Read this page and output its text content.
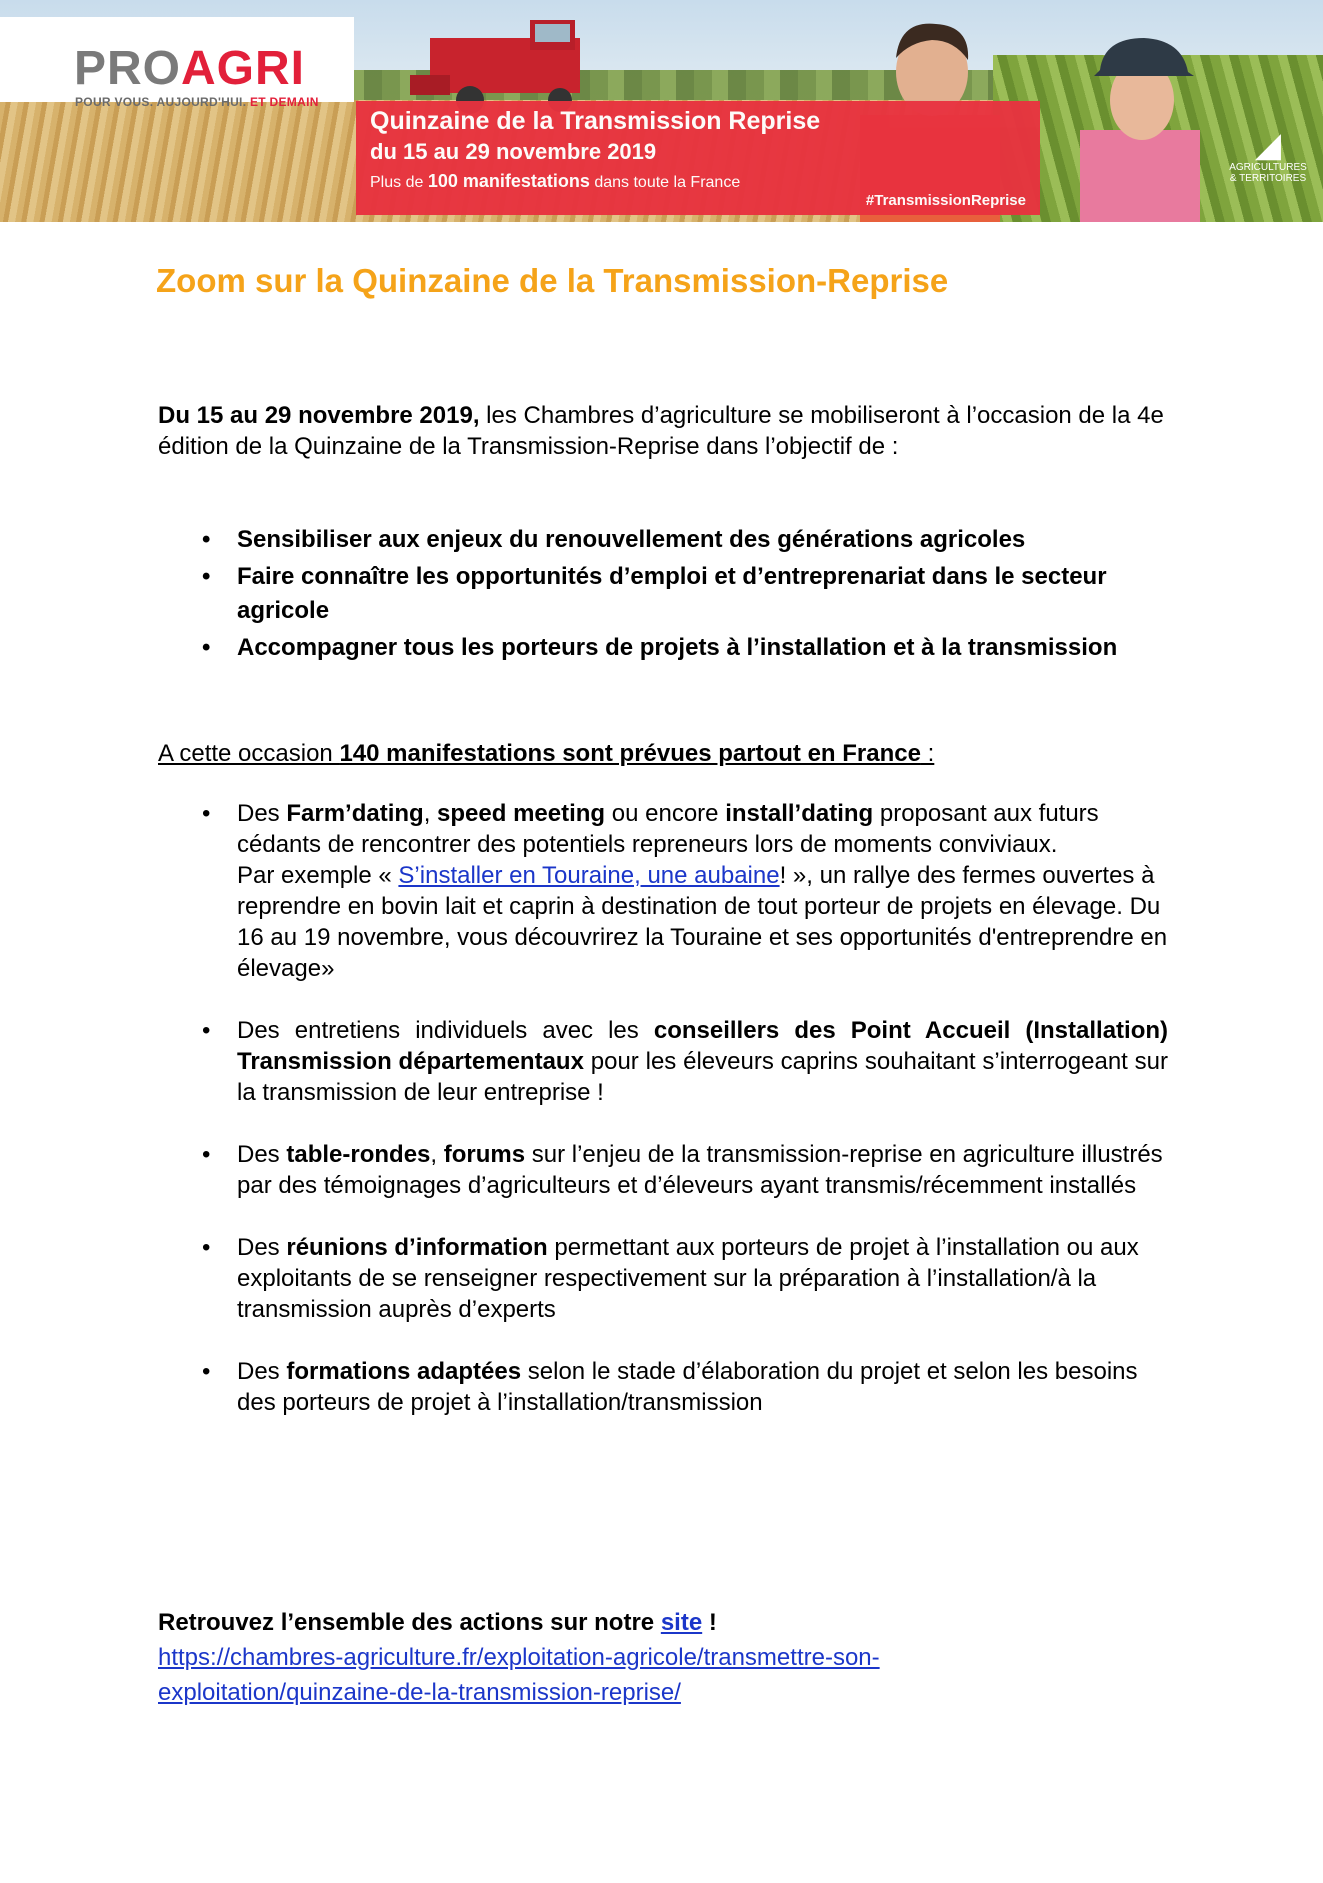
PROAGRI
POUR VOUS. AUJOURD'HUI. ET DEMAIN
Quinzaine de la Transmission Reprise
du 15 au 29 novembre 2019
Plus de 100 manifestations dans toute la France
#TransmissionReprise
◢
AGRICULTURES
& TERRITOIRES
Zoom sur la Quinzaine de la Transmission-Reprise
Du 15 au 29 novembre 2019, les Chambres d’agriculture se mobiliseront à l’occasion de la 4e édition de la Quinzaine de la Transmission-Reprise dans l’objectif de :
• Sensibiliser aux enjeux du renouvellement des générations agricoles
• Faire connaître les opportunités d’emploi et d’entreprenariat dans le secteur agricole
• Accompagner tous les porteurs de projets à l’installation et à la transmission
A cette occasion 140 manifestations sont prévues partout en France :
• Des Farm’dating, speed meeting ou encore install’dating proposant aux futurs cédants de rencontrer des potentiels repreneurs lors de moments conviviaux.
Par exemple « S’installer en Touraine, une aubaine! », un rallye des fermes ouvertes à reprendre en bovin lait et caprin à destination de tout porteur de projets en élevage. Du 16 au 19 novembre, vous découvrirez la Touraine et ses opportunités d'entreprendre en élevage»
• Des entretiens individuels avec les conseillers des Point Accueil (Installation) Transmission départementaux pour les éleveurs caprins souhaitant s’interrogeant sur la transmission de leur entreprise !
• Des table-rondes, forums sur l’enjeu de la transmission-reprise en agriculture illustrés par des témoignages d’agriculteurs et d’éleveurs ayant transmis/récemment installés
• Des réunions d’information permettant aux porteurs de projet à l’installation ou aux exploitants de se renseigner respectivement sur la préparation à l’installation/à la transmission auprès d’experts
• Des formations adaptées selon le stade d’élaboration du projet et selon les besoins des porteurs de projet à l’installation/transmission
Retrouvez l’ensemble des actions sur notre site !
https://chambres-agriculture.fr/exploitation-agricole/transmettre-son-exploitation/quinzaine-de-la-transmission-reprise/
